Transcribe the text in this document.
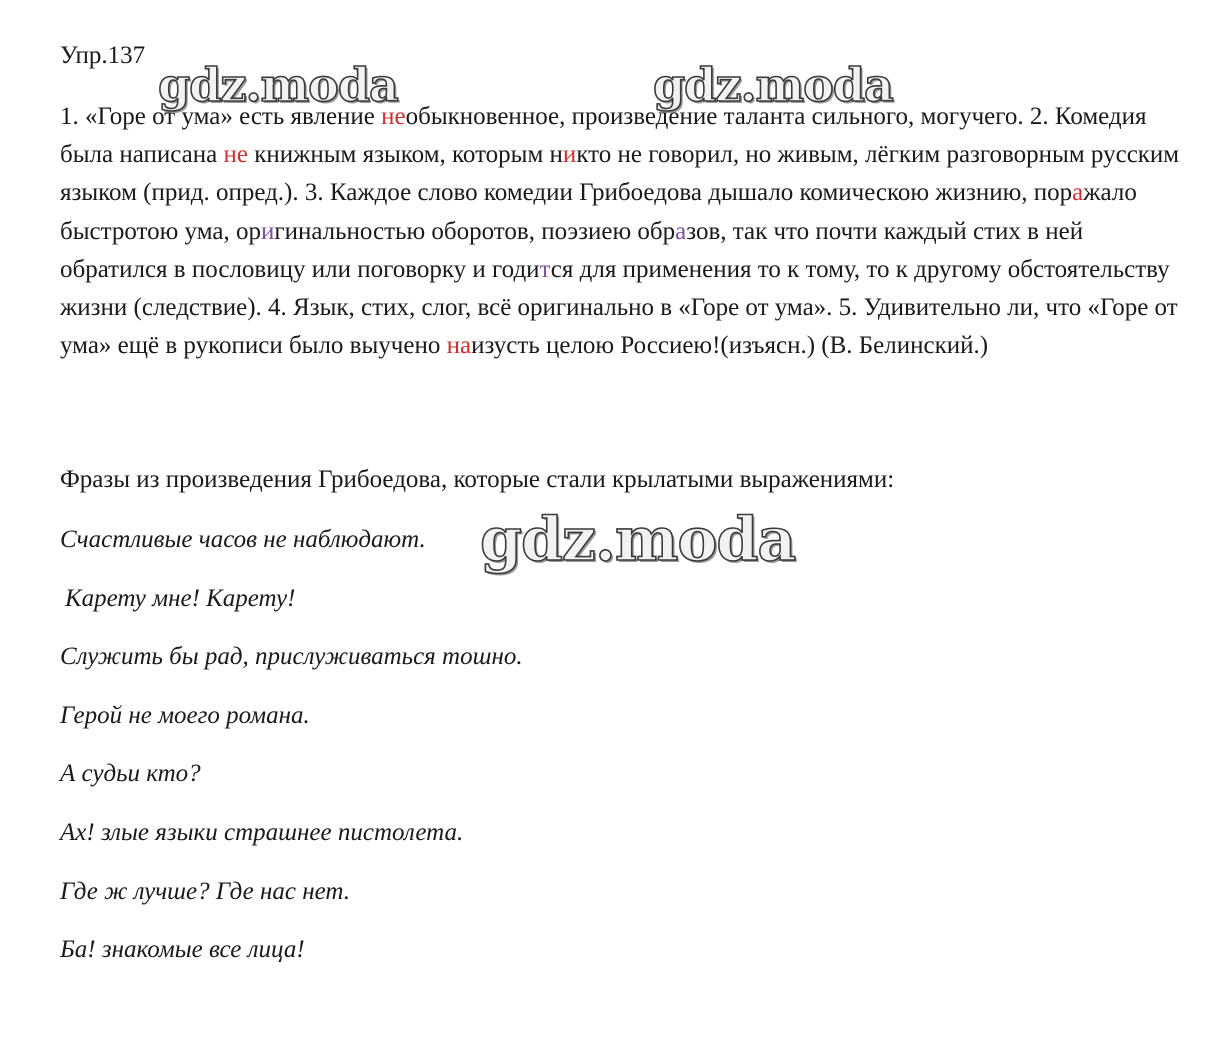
Упр.137

1. «Горе от ума» есть явление необыкновенное, произведение таланта сильного, могучего. 2. Комедия была написана не книжным языком, которым никто не говорил, но живым, лёгким разговорным русским языком (прид. опред.). 3. Каждое слово комедии Грибоедова дышало комическою жизнию, поражало быстротою ума, оригинальностью оборотов, поэзиею образов, так что почти каждый стих в ней обратился в пословицу или поговорку и годится для применения то к тому, то к другому обстоятельству жизни (следствие). 4. Язык, стих, слог, всё оригинально в «Горе от ума». 5. Удивительно ли, что «Горе от ума» ещё в рукописи было выучено наизусть целою Россиею!(изъясн.) (В. Белинский.)

Фразы из произведения Грибоедова, которые стали крылатыми выражениями:
Счастливые часов не наблюдают.
Карету мне! Карету!
Служить бы рад, прислуживаться тошно.
Герой не моего романа.
А судьи кто?
Ах! злые языки страшнее пистолета.
Где ж лучше? Где нас нет.
Ба! знакомые все лица!
gdz.moda	gdz.moda
gdz.moda
